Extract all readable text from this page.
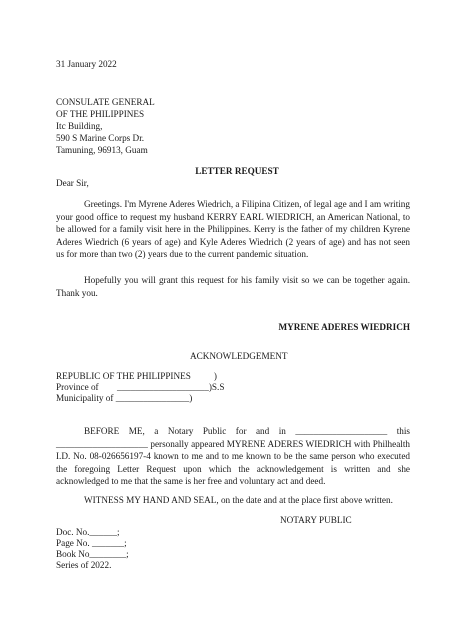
31 January 2022
CONSULATE GENERAL
OF THE PHILIPPINES
Itc Building,
590 S Marine Corps Dr.
Tamuning, 96913, Guam
LETTER REQUEST
Dear Sir,
Greetings. I'm Myrene Aderes Wiedrich, a Filipina Citizen, of legal age and I am writing your good office to request my husband KERRY EARL WIEDRICH, an American National, to be allowed for a family visit here in the Philippines. Kerry is the father of my children Kyrene Aderes Wiedrich (6 years of age) and Kyle Aderes Wiedrich (2 years of age) and has not seen us for more than two (2) years due to the current pandemic situation.
Hopefully you will grant this request for his family visit so we can be together again. Thank you.
MYRENE ADERES WIEDRICH
ACKNOWLEDGEMENT
REPUBLIC OF THE PHILIPPINES          )
Province of        ____________________)S.S
Municipality of ________________)
BEFORE ME, a Notary Public for and in ____________________ this ____________________ personally appeared MYRENE ADERES WIEDRICH with Philhealth I.D. No. 08-026656197-4 known to me and to me known to be the same person who executed the foregoing Letter Request upon which the acknowledgement is written and she acknowledged to me that the same is her free and voluntary act and deed.
WITNESS MY HAND AND SEAL, on the date and at the place first above written.
NOTARY PUBLIC
Doc. No.______;
Page No. _______;
Book No________;
Series of 2022.
